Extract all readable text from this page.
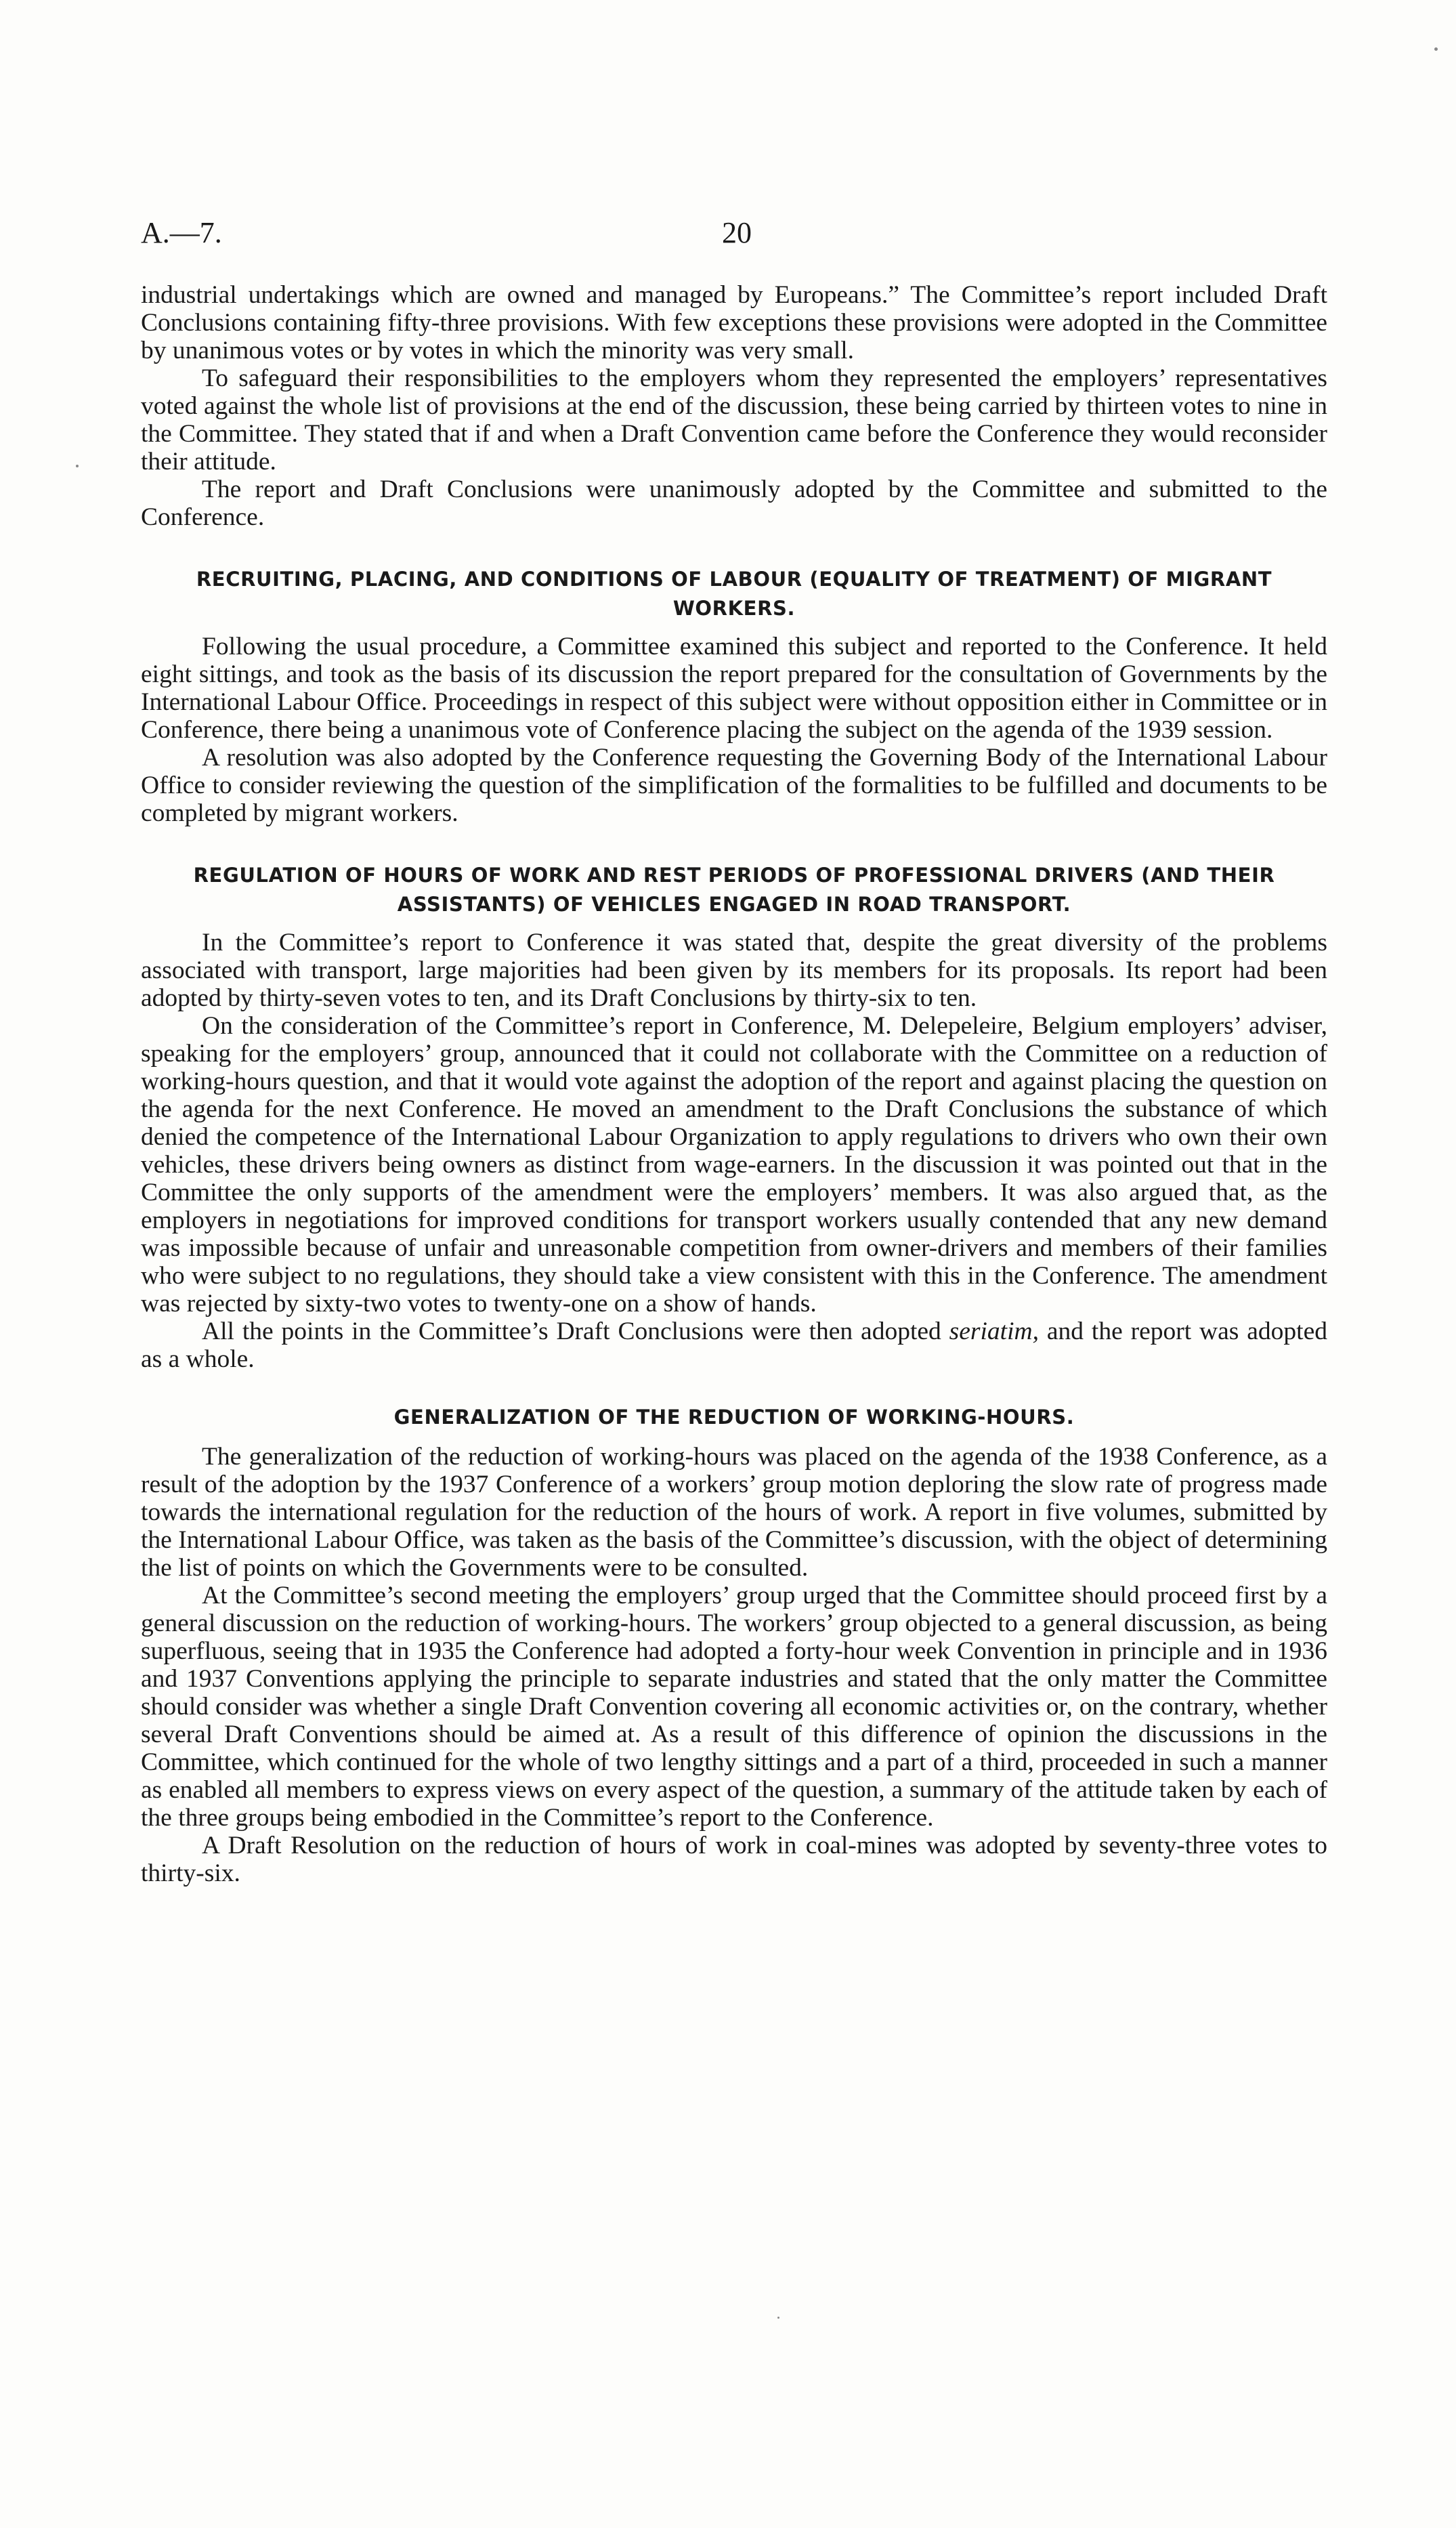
A.—7.	20

industrial undertakings which are owned and managed by Europeans.” The Committee’s report included Draft Conclusions containing fifty-three provisions. With few exceptions these provisions were adopted in the Committee by unanimous votes or by votes in which the minority was very small.

To safeguard their responsibilities to the employers whom they represented the employers’ representatives voted against the whole list of provisions at the end of the discussion, these being carried by thirteen votes to nine in the Committee. They stated that if and when a Draft Convention came before the Conference they would reconsider their attitude.

The report and Draft Conclusions were unanimously adopted by the Committee and submitted to the Conference.

RECRUITING, PLACING, AND CONDITIONS OF LABOUR (EQUALITY OF TREATMENT) OF MIGRANT WORKERS.

Following the usual procedure, a Committee examined this subject and reported to the Conference. It held eight sittings, and took as the basis of its discussion the report prepared for the consultation of Governments by the International Labour Office. Proceedings in respect of this subject were without opposition either in Committee or in Conference, there being a unanimous vote of Conference placing the subject on the agenda of the 1939 session.

A resolution was also adopted by the Conference requesting the Governing Body of the International Labour Office to consider reviewing the question of the simplification of the formalities to be fulfilled and documents to be completed by migrant workers.

REGULATION OF HOURS OF WORK AND REST PERIODS OF PROFESSIONAL DRIVERS (AND THEIR ASSISTANTS) OF VEHICLES ENGAGED IN ROAD TRANSPORT.

In the Committee’s report to Conference it was stated that, despite the great diversity of the problems associated with transport, large majorities had been given by its members for its proposals. Its report had been adopted by thirty-seven votes to ten, and its Draft Conclusions by thirty-six to ten.

On the consideration of the Committee’s report in Conference, M. Delepeleire, Belgium employers’ adviser, speaking for the employers’ group, announced that it could not collaborate with the Committee on a reduction of working-hours question, and that it would vote against the adoption of the report and against placing the question on the agenda for the next Conference. He moved an amendment to the Draft Conclusions the substance of which denied the competence of the International Labour Organization to apply regulations to drivers who own their own vehicles, these drivers being owners as distinct from wage-earners. In the discussion it was pointed out that in the Committee the only supports of the amendment were the employers’ members. It was also argued that, as the employers in negotiations for improved conditions for transport workers usually contended that any new demand was impossible because of unfair and unreasonable competition from owner-drivers and members of their families who were subject to no regulations, they should take a view consistent with this in the Conference. The amendment was rejected by sixty-two votes to twenty-one on a show of hands.

All the points in the Committee’s Draft Conclusions were then adopted seriatim, and the report was adopted as a whole.

GENERALIZATION OF THE REDUCTION OF WORKING-HOURS.

The generalization of the reduction of working-hours was placed on the agenda of the 1938 Conference, as a result of the adoption by the 1937 Conference of a workers’ group motion deploring the slow rate of progress made towards the international regulation for the reduction of the hours of work. A report in five volumes, submitted by the International Labour Office, was taken as the basis of the Committee’s discussion, with the object of determining the list of points on which the Governments were to be consulted.

At the Committee’s second meeting the employers’ group urged that the Committee should proceed first by a general discussion on the reduction of working-hours. The workers’ group objected to a general discussion, as being superfluous, seeing that in 1935 the Conference had adopted a forty-hour week Convention in principle and in 1936 and 1937 Conventions applying the principle to separate industries and stated that the only matter the Committee should consider was whether a single Draft Convention covering all economic activities or, on the contrary, whether several Draft Conventions should be aimed at. As a result of this difference of opinion the discussions in the Committee, which continued for the whole of two lengthy sittings and a part of a third, proceeded in such a manner as enabled all members to express views on every aspect of the question, a summary of the attitude taken by each of the three groups being embodied in the Committee’s report to the Conference.

A Draft Resolution on the reduction of hours of work in coal-mines was adopted by seventy-three votes to thirty-six.
